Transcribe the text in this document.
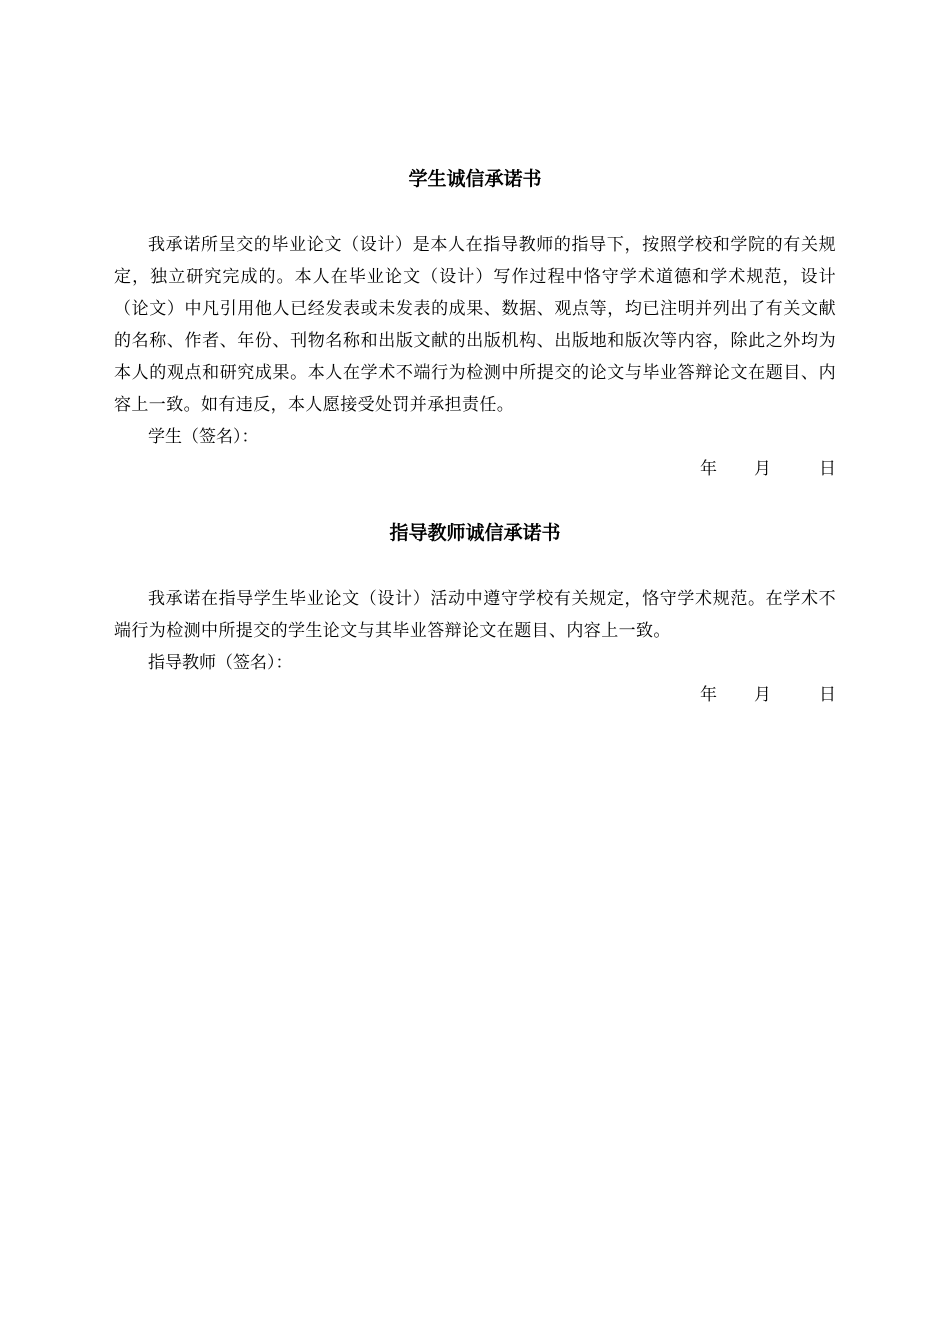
学生诚信承诺书

我承诺所呈交的毕业论文（设计）是本人在指导教师的指导下，按照学校和学院的有关规定，独立研究完成的。本人在毕业论文（设计）写作过程中恪守学术道德和学术规范，设计（论文）中凡引用他人已经发表或未发表的成果、数据、观点等，均已注明并列出了有关文献的名称、作者、年份、刊物名称和出版文献的出版机构、出版地和版次等内容，除此之外均为本人的观点和研究成果。本人在学术不端行为检测中所提交的论文与毕业答辩论文在题目、内容上一致。如有违反，本人愿接受处罚并承担责任。

学生（签名）：

年 月	日

指导教师诚信承诺书

我承诺在指导学生毕业论文（设计）活动中遵守学校有关规定，恪守学术规范。在学术不端行为检测中所提交的学生论文与其毕业答辩论文在题目、内容上一致。

指导教师（签名）：

年 月	日
